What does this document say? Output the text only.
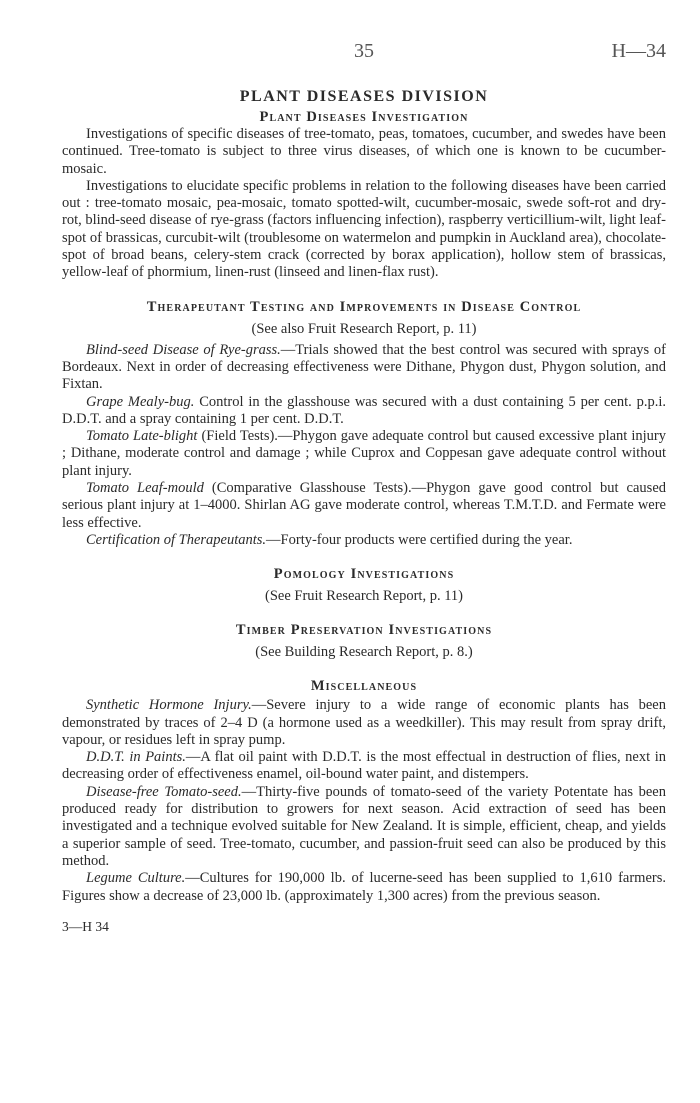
35	H—34
PLANT DISEASES DIVISION
Plant Diseases Investigation

Investigations of specific diseases of tree-tomato, peas, tomatoes, cucumber, and swedes have been continued. Tree-tomato is subject to three virus diseases, of which one is known to be cucumber-mosaic.

Investigations to elucidate specific problems in relation to the following diseases have been carried out : tree-tomato mosaic, pea-mosaic, tomato spotted-wilt, cucumber-mosaic, swede soft-rot and dry-rot, blind-seed disease of rye-grass (factors influencing infection), raspberry verticillium-wilt, light leaf-spot of brassicas, curcubit-wilt (troublesome on watermelon and pumpkin in Auckland area), chocolate-spot of broad beans, celery-stem crack (corrected by borax application), hollow stem of brassicas, yellow-leaf of phormium, linen-rust (linseed and linen-flax rust).

Therapeutant Testing and Improvements in Disease Control
(See also Fruit Research Report, p. 11)

Blind-seed Disease of Rye-grass.—Trials showed that the best control was secured with sprays of Bordeaux. Next in order of decreasing effectiveness were Dithane, Phygon dust, Phygon solution, and Fixtan.

Grape Mealy-bug. Control in the glasshouse was secured with a dust containing 5 per cent. p.p.i. D.D.T. and a spray containing 1 per cent. D.D.T.

Tomato Late-blight (Field Tests).—Phygon gave adequate control but caused excessive plant injury ; Dithane, moderate control and damage ; while Cuprox and Coppesan gave adequate control without plant injury.

Tomato Leaf-mould (Comparative Glasshouse Tests).—Phygon gave good control but caused serious plant injury at 1–4000. Shirlan AG gave moderate control, whereas T.M.T.D. and Fermate were less effective.

Certification of Therapeutants.—Forty-four products were certified during the year.

Pomology Investigations
(See Fruit Research Report, p. 11)
Timber Preservation Investigations
(See Building Research Report, p. 8.)
Miscellaneous

Synthetic Hormone Injury.—Severe injury to a wide range of economic plants has been demonstrated by traces of 2–4 D (a hormone used as a weedkiller). This may result from spray drift, vapour, or residues left in spray pump.

D.D.T. in Paints.—A flat oil paint with D.D.T. is the most effectual in destruction of flies, next in decreasing order of effectiveness enamel, oil-bound water paint, and distempers.

Disease-free Tomato-seed.—Thirty-five pounds of tomato-seed of the variety Potentate has been produced ready for distribution to growers for next season. Acid extraction of seed has been investigated and a technique evolved suitable for New Zealand. It is simple, efficient, cheap, and yields a superior sample of seed. Tree-tomato, cucumber, and passion-fruit seed can also be produced by this method.

Legume Culture.—Cultures for 190,000 lb. of lucerne-seed has been supplied to 1,610 farmers. Figures show a decrease of 23,000 lb. (approximately 1,300 acres) from the previous season.

3—H 34
